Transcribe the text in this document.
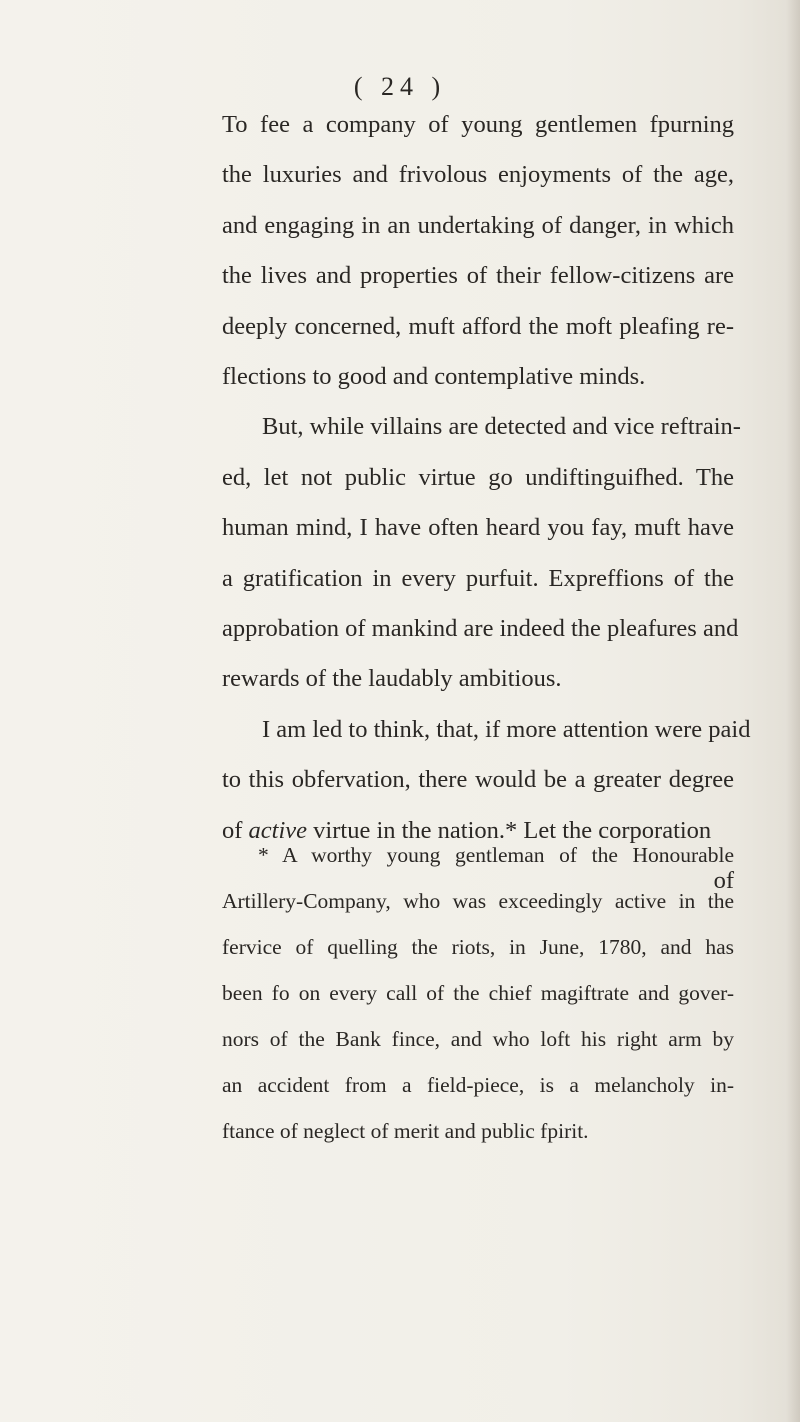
( 24 )
To fee a company of young gentlemen fpurning
the luxuries and frivolous enjoyments of the age,
and engaging in an undertaking of danger, in which
the lives and properties of their fellow-citizens are
deeply concerned, muft afford the moft pleafing re-
flections to good and contemplative minds.
But, while villains are detected and vice reftrain-
ed, let not public virtue go undiftinguifhed. The
human mind, I have often heard you fay, muft have
a gratification in every purfuit. Expreffions of the
approbation of mankind are indeed the pleafures and
rewards of the laudably ambitious.
I am led to think, that, if more attention were paid
to this obfervation, there would be a greater degree
of active virtue in the nation.* Let the corporation
of
* A worthy young gentleman of the Honourable
Artillery-Company, who was exceedingly active in the
fervice of quelling the riots, in June, 1780, and has
been fo on every call of the chief magiftrate and gover-
nors of the Bank fince, and who loft his right arm by
an accident from a field-piece, is a melancholy in-
ftance of neglect of merit and public fpirit.
